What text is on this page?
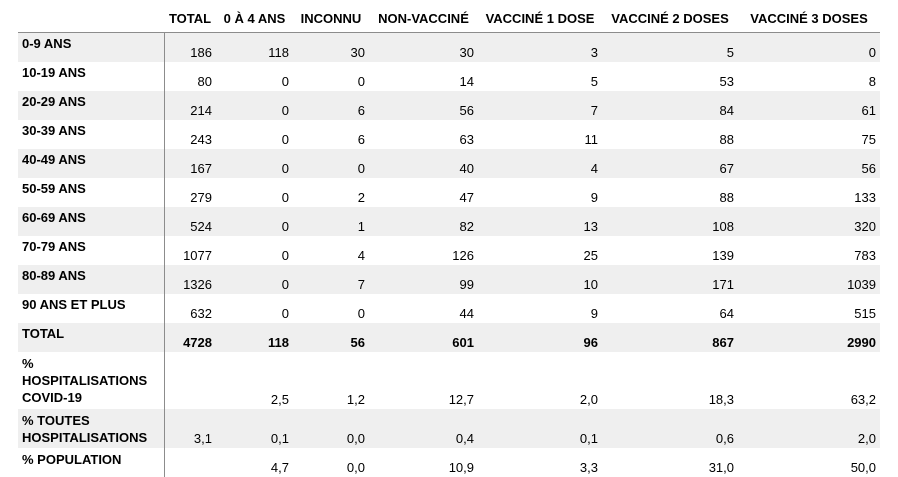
	TOTAL	0 À 4 ANS	INCONNU	NON-VACCINÉ	VACCINÉ 1 DOSE	VACCINÉ 2 DOSES	VACCINÉ 3 DOSES
0-9 ANS	186	118	30	30	3	5	0
10-19 ANS	80	0	0	14	5	53	8
20-29 ANS	214	0	6	56	7	84	61
30-39 ANS	243	0	6	63	11	88	75
40-49 ANS	167	0	0	40	4	67	56
50-59 ANS	279	0	2	47	9	88	133
60-69 ANS	524	0	1	82	13	108	320
70-79 ANS	1077	0	4	126	25	139	783
80-89 ANS	1326	0	7	99	10	171	1039
90 ANS ET PLUS	632	0	0	44	9	64	515
TOTAL	4728	118	56	601	96	867	2990
% HOSPITALISATIONS COVID-19		2,5	1,2	12,7	2,0	18,3	63,2
% TOUTES HOSPITALISATIONS	3,1	0,1	0,0	0,4	0,1	0,6	2,0
% POPULATION		4,7	0,0	10,9	3,3	31,0	50,0
